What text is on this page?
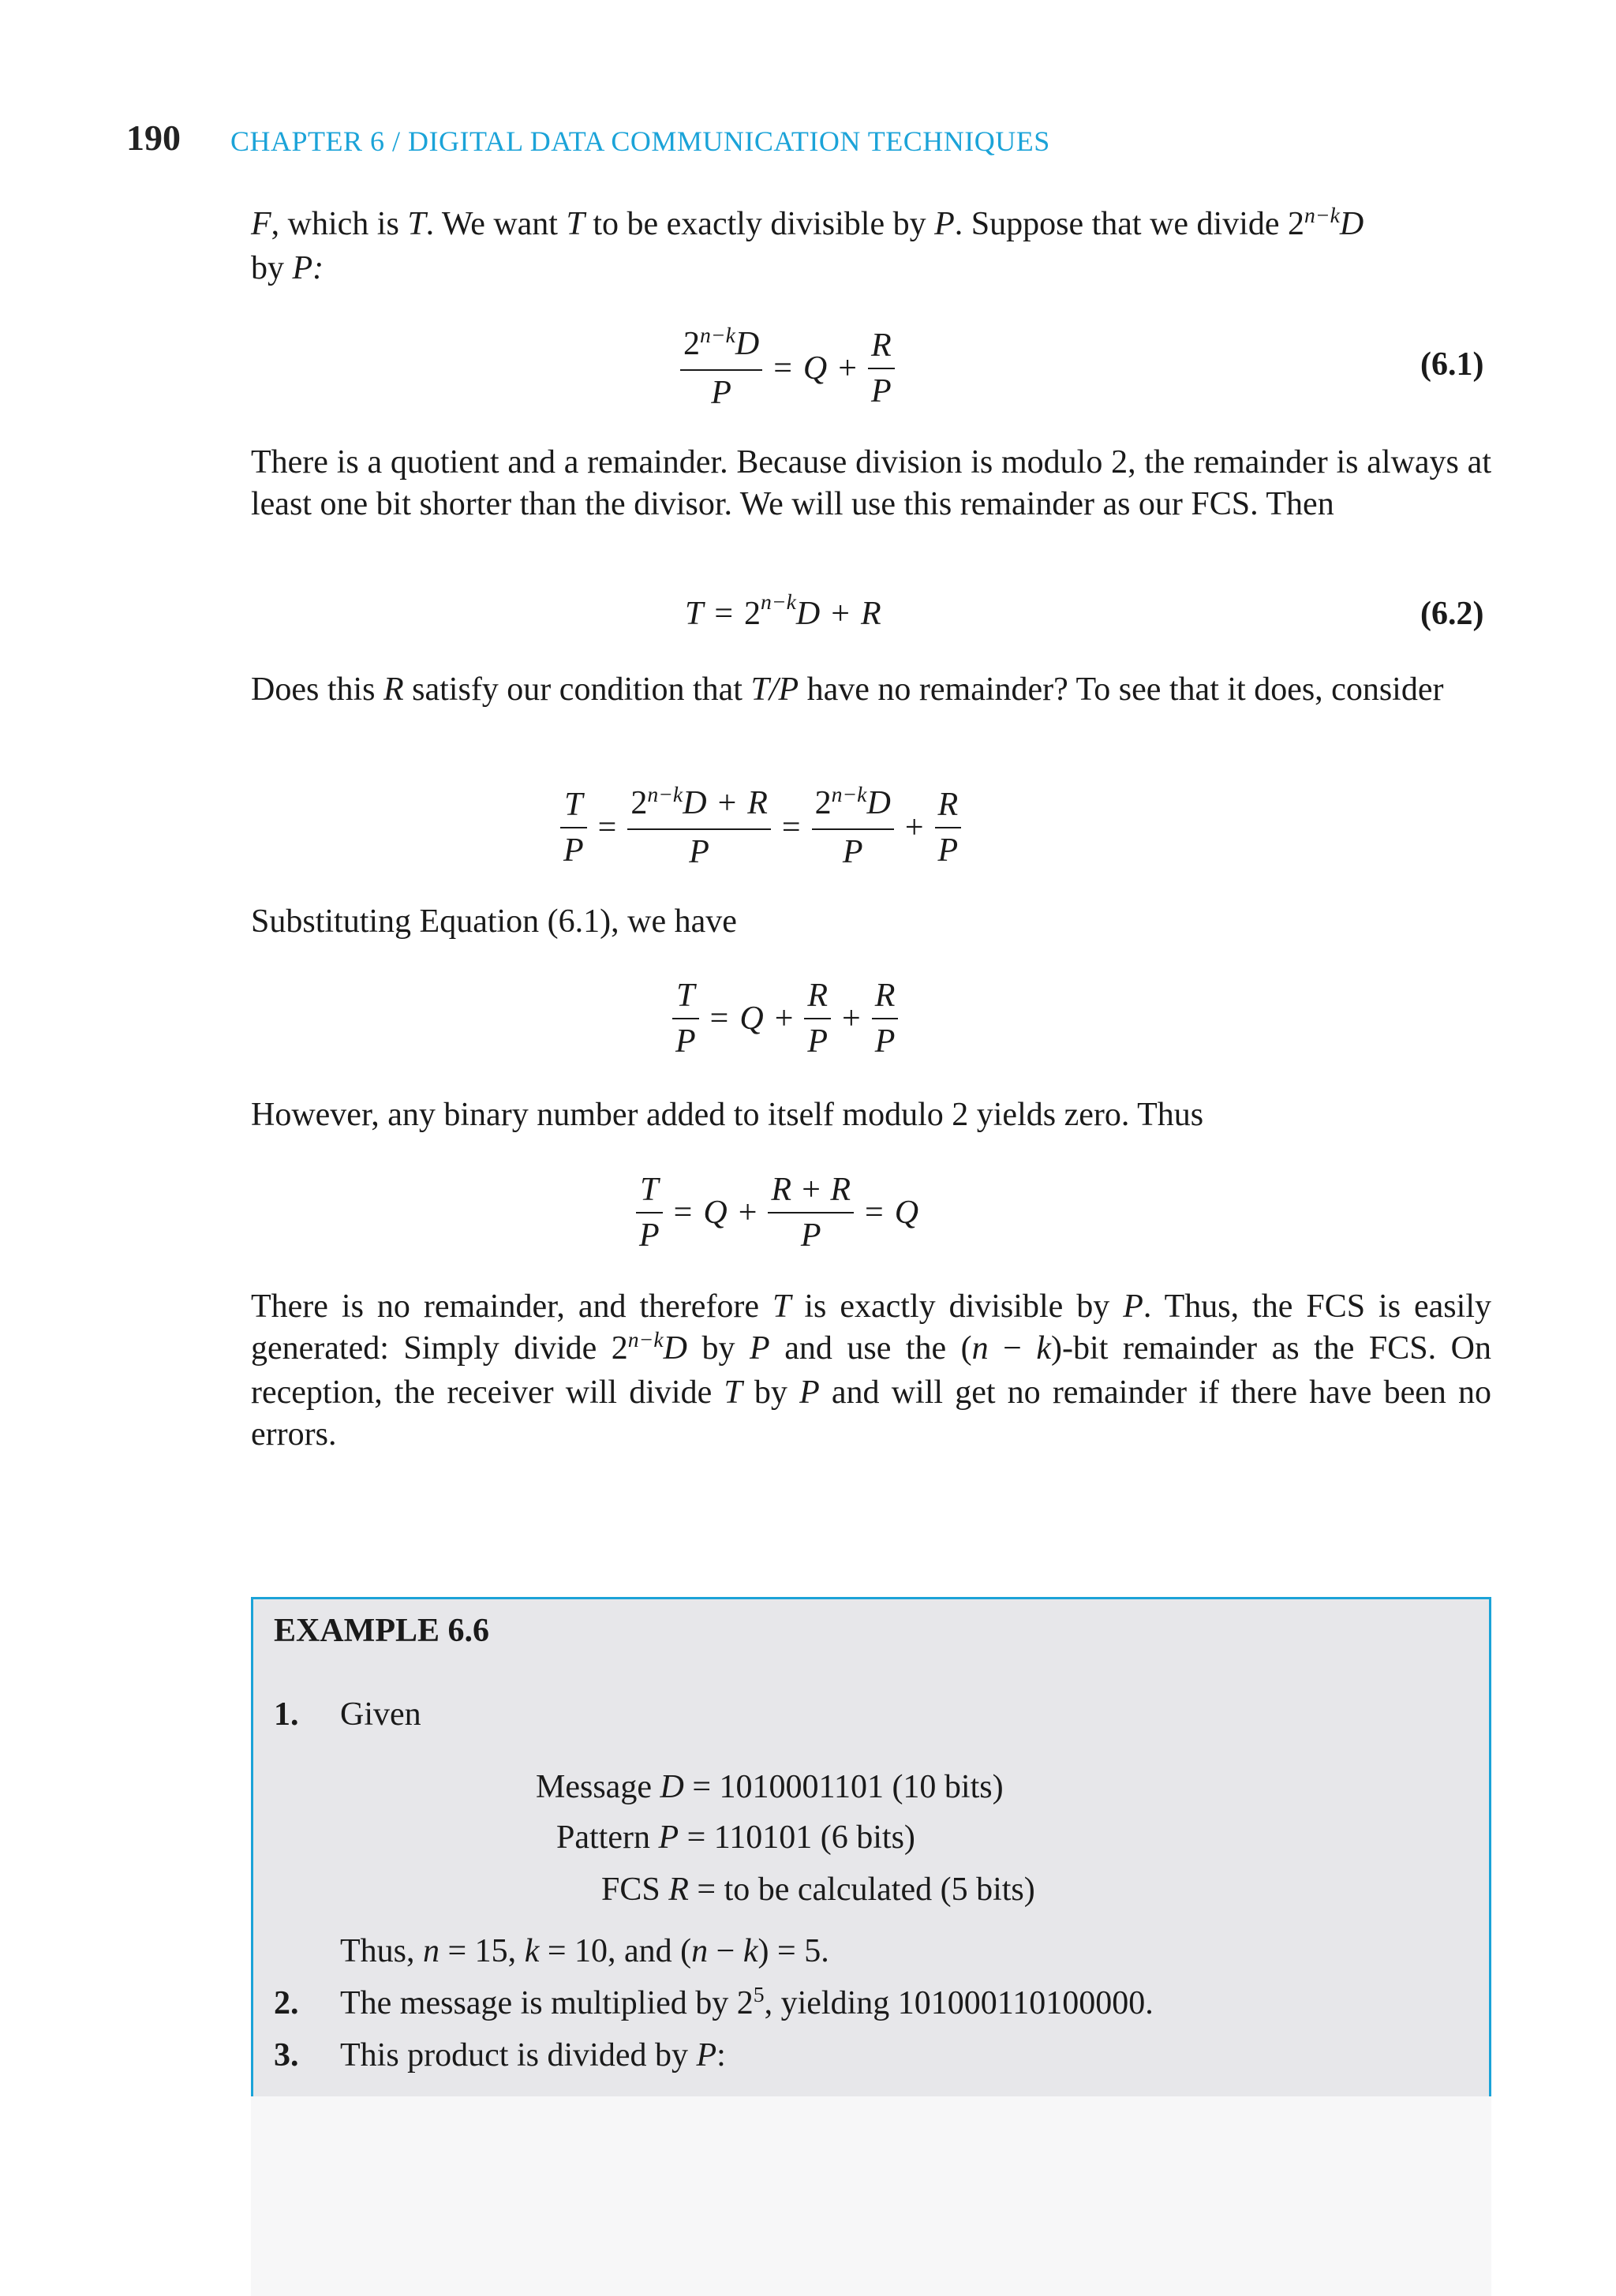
190 CHAPTER 6 / DIGITAL DATA COMMUNICATION TECHNIQUES
F, which is T. We want T to be exactly divisible by P. Suppose that we divide $2^{n-k}D$
by P:
$\frac{2^{n-k}D}{P} = Q + \frac{R}{P}$	(6.1)
There is a quotient and a remainder. Because division is modulo 2, the remainder is always at least one bit shorter than the divisor. We will use this remainder as our FCS. Then
$T = 2^{n-k}$ D + R	(6.2)
Does this R satisfy our condition that T/P have no remainder? To see that it does, consider
$\frac{T}{P} = \frac{2^{n-k}D + R}{P} = \frac{2^{n-k}D}{P} + \frac{R}{P}$
Substituting Equation (6.1), we have
$\frac{T}{P} = Q + \frac{R}{P} + \frac{R}{P}$
However, any binary number added to itself modulo 2 yields zero. Thus
$\frac{T}{P} = Q + \frac{R + R}{P} = Q$
There is no remainder, and therefore T is exactly divisible by P. Thus, the FCS is easily generated: Simply divide $2^{n-k}D$ by P and use the (n − k)-bit remainder as the FCS. On reception, the receiver will divide T by P and will get no remainder if there have been no errors.
EXAMPLE 6.6
1. Given
Message D = 1010001101 (10 bits)
Pattern P = 110101 (6 bits)
FCS R = to be calculated (5 bits)
Thus, n = 15, k = 10, and (n − k) = 5.
2. The message is multiplied by $2^5$, yielding 101000110100000.
3. This product is divided by P:
